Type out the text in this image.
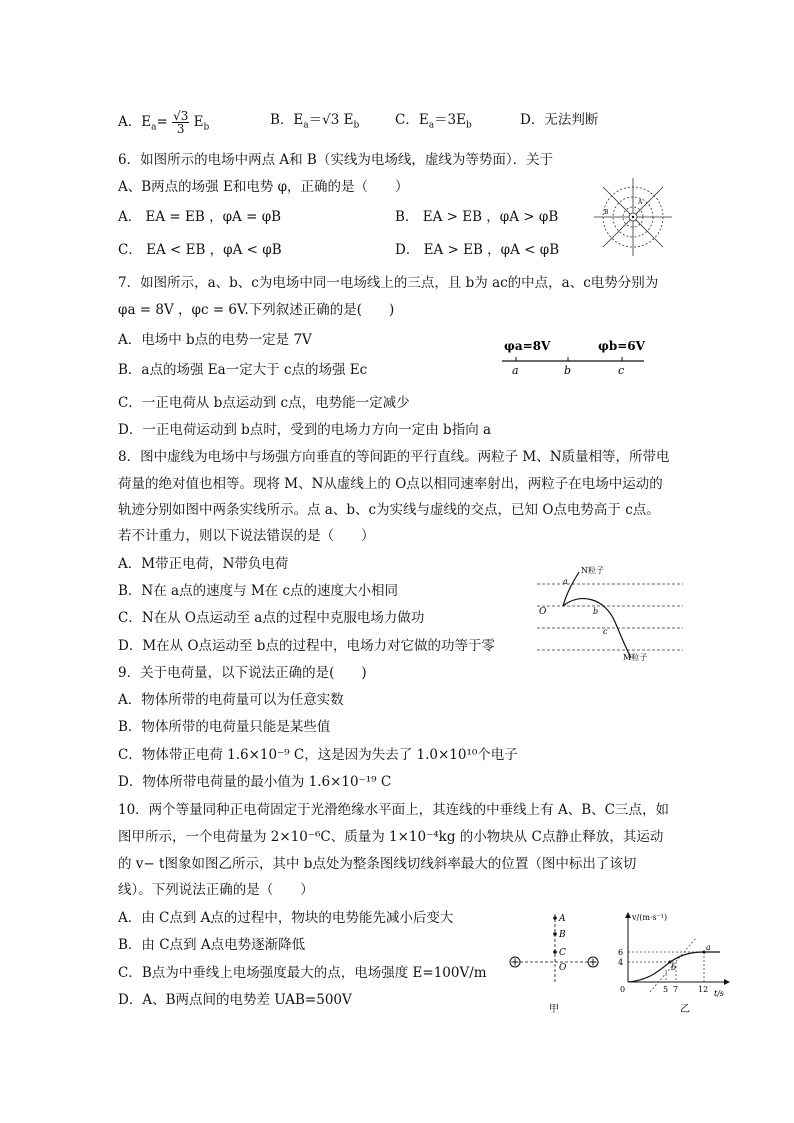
A．$E_a= \frac{√3}{3} E_b$	B．$E_a=√3$ $E_b$	C．$E_a=3E_b$	D．无法判断
6．如图所示的电场中两点 A和 B（实线为电场线，虚线为等势面）．关于
A、B两点的场强 E和电势 φ，正确的是（　　）
A． EA = EB ，φA = φB	B． EA > EB ，φA > φB
C． EA < EB ，φA < φB	D． EA > EB ，φA < φB
A
B
7．如图所示，a、b、c为电场中同一电场线上的三点，且 b为 ac的中点，a、c电势分别为
φa = 8V ，φc = 6V.下列叙述正确的是(　　)
A．电场中 b点的电势一定是 7V
B．a点的场强 Ea一定大于 c点的场强 Ec
C．一正电荷从 b点运动到 c点，电势能一定减少
D．一正电荷运动到 b点时，受到的电场力方向一定由 b指向 a
φa=8V	φb=6V
a	b	c
8．图中虚线为电场中与场强方向垂直的等间距的平行直线。两粒子 M、N质量相等，所带电
荷量的绝对值也相等。现将 M、N从虚线上的 O点以相同速率射出，两粒子在电场中运动的
轨迹分别如图中两条实线所示。点 a、b、c为实线与虚线的交点，已知 O点电势高于 c点。
若不计重力，则以下说法错误的是（　　）
A．M带正电荷，N带负电荷
B．N在 a点的速度与 M在 c点的速度大小相同
C．N在从 O点运动至 a点的过程中克服电场力做功
D．M在从 O点运动至 b点的过程中，电场力对它做的功等于零
N粒子
a
O	b
c
M粒子
9．关于电荷量，以下说法正确的是(　　)
A．物体所带的电荷量可以为任意实数
B．物体所带的电荷量只能是某些值
C．物体带正电荷 1.6×10⁻⁹ C，这是因为失去了 1.0×10¹⁰个电子
D．物体所带电荷量的最小值为 1.6×10⁻¹⁹ C
10．两个等量同种正电荷固定于光滑绝缘水平面上，其连线的中垂线上有 A、B、C三点，如
图甲所示，一个电荷量为 2×10⁻⁶C、质量为 1×10⁻⁴kg 的小物块从 C点静止释放，其运动
的 v− t图象如图乙所示，其中 b点处为整条图线切线斜率最大的位置（图中标出了该切
线）。下列说法正确的是（　　）
A．由 C点到 A点的过程中，物块的电势能先减小后变大
B．由 C点到 A点电势逐渐降低
C．B点为中垂线上电场强度最大的点，电场强度 E=100V/m
D．A、B两点间的电势差 UAB=500V
A
B
C
O
甲
v/(m·s⁻¹)
t/s
6
4
0	5 7 12
a
b
乙
